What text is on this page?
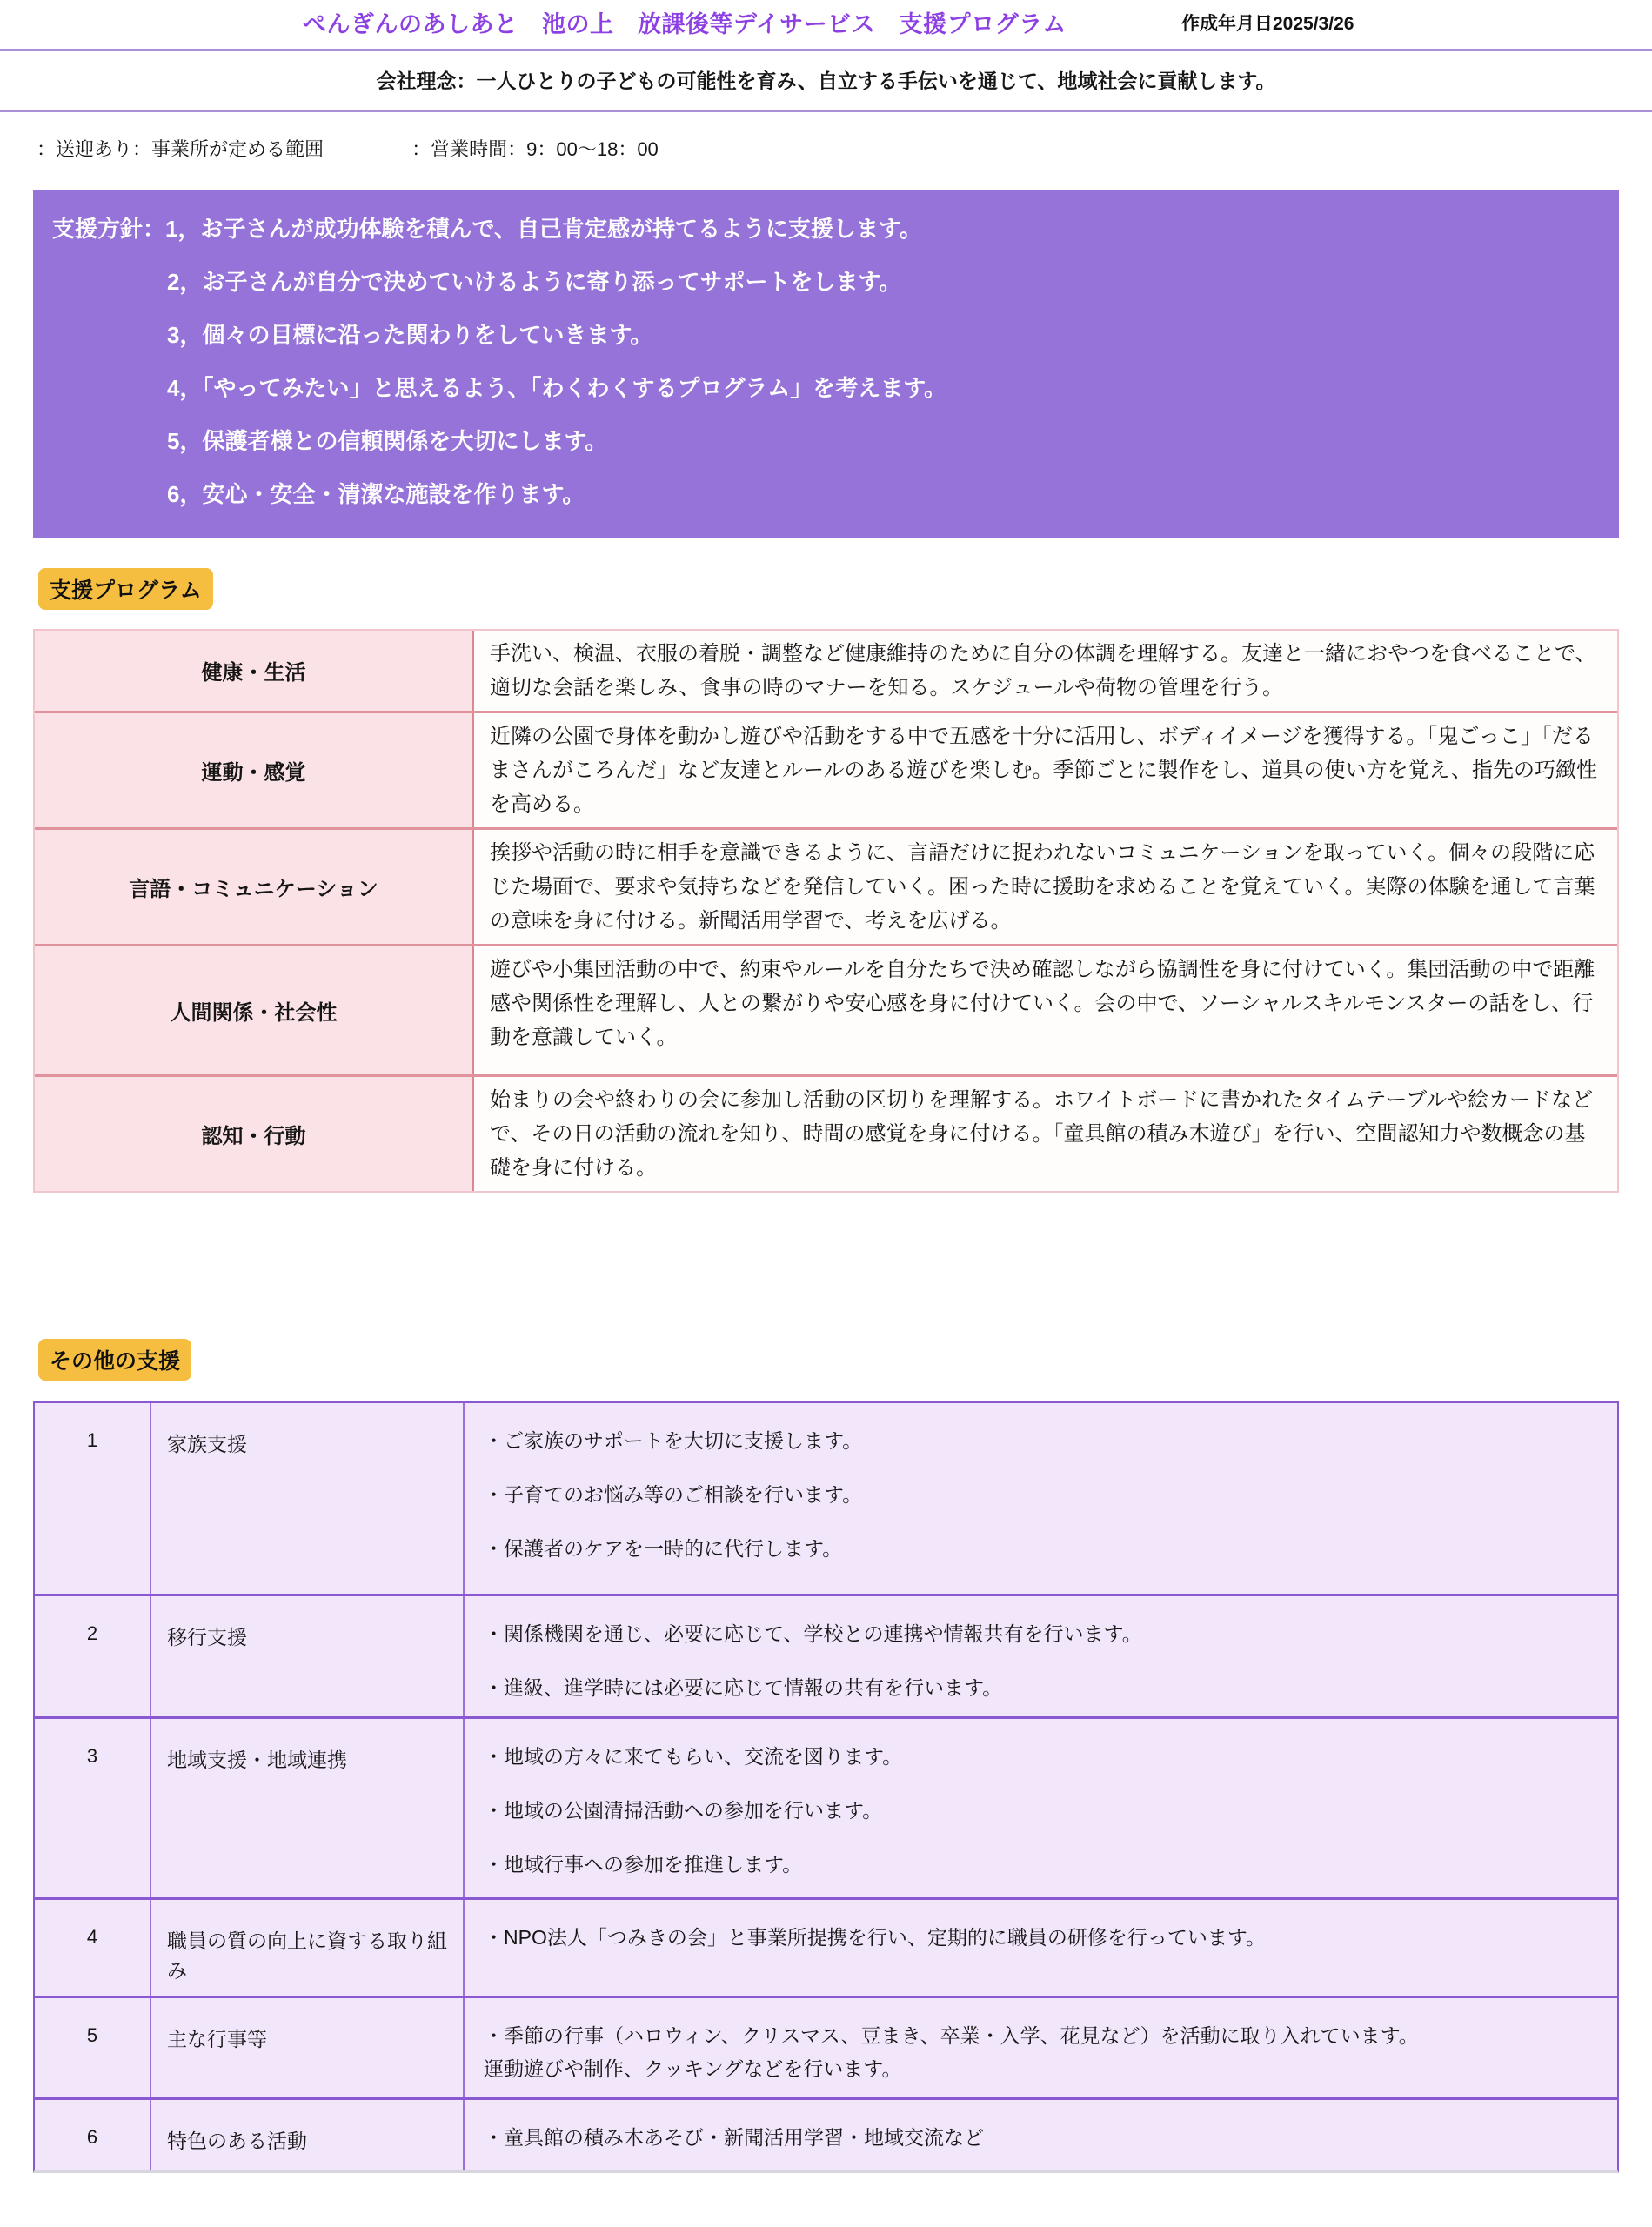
ぺんぎんのあしあと　池の上　放課後等デイサービス　支援プログラム	作成年月日2025/3/26
会社理念：一人ひとりの子どもの可能性を育み、自立する手伝いを通じて、地域社会に貢献します。
：送迎あり：事業所が定める範囲	：営業時間：9：00〜18：00
支援方針： 1，お子さんが成功体験を積んで、自己肯定感が持てるように支援します。
2，お子さんが自分で決めていけるように寄り添ってサポートをします。
3，個々の目標に沿った関わりをしていきます。
4，「やってみたい」と思えるよう、「わくわくするプログラム」を考えます。
5，保護者様との信頼関係を大切にします。
6，安心・安全・清潔な施設を作ります。
支援プログラム
健康・生活
手洗い、検温、衣服の着脱・調整など健康維持のために自分の体調を理解する。友達と一緒におやつを食べることで、適切な会話を楽しみ、食事の時のマナーを知る。スケジュールや荷物の管理を行う。
運動・感覚
近隣の公園で身体を動かし遊びや活動をする中で五感を十分に活用し、ボディイメージを獲得する。「鬼ごっこ」「だるまさんがころんだ」など友達とルールのある遊びを楽しむ。季節ごとに製作をし、道具の使い方を覚え、指先の巧緻性を高める。
言語・コミュニケーション
挨拶や活動の時に相手を意識できるように、言語だけに捉われないコミュニケーションを取っていく。個々の段階に応じた場面で、要求や気持ちなどを発信していく。困った時に援助を求めることを覚えていく。実際の体験を通して言葉の意味を身に付ける。新聞活用学習で、考えを広げる。
人間関係・社会性
遊びや小集団活動の中で、約束やルールを自分たちで決め確認しながら協調性を身に付けていく。集団活動の中で距離感や関係性を理解し、人との繋がりや安心感を身に付けていく。会の中で、ソーシャルスキルモンスターの話をし、行動を意識していく。
認知・行動
始まりの会や終わりの会に参加し活動の区切りを理解する。ホワイトボードに書かれたタイムテーブルや絵カードなどで、その日の活動の流れを知り、時間の感覚を身に付ける。「童具館の積み木遊び」を行い、空間認知力や数概念の基礎を身に付ける。
その他の支援
1	家族支援	・ご家族のサポートを大切に支援します。
・子育てのお悩み等のご相談を行います。
・保護者のケアを一時的に代行します。
2	移行支援	・関係機関を通じ、必要に応じて、学校との連携や情報共有を行います。
・進級、進学時には必要に応じて情報の共有を行います。
3	地域支援・地域連携	・地域の方々に来てもらい、交流を図ります。
・地域の公園清掃活動への参加を行います。
・地域行事への参加を推進します。
4	職員の質の向上に資する取り組み
・NPO法人「つみきの会」と事業所提携を行い、定期的に職員の研修を行っています。
5	主な行事等	・季節の行事（ハロウィン、クリスマス、豆まき、卒業・入学、花見など）を活動に取り入れています。運動遊びや制作、クッキングなどを行います。
6	特色のある活動	・童具館の積み木あそび・新聞活用学習・地域交流など
